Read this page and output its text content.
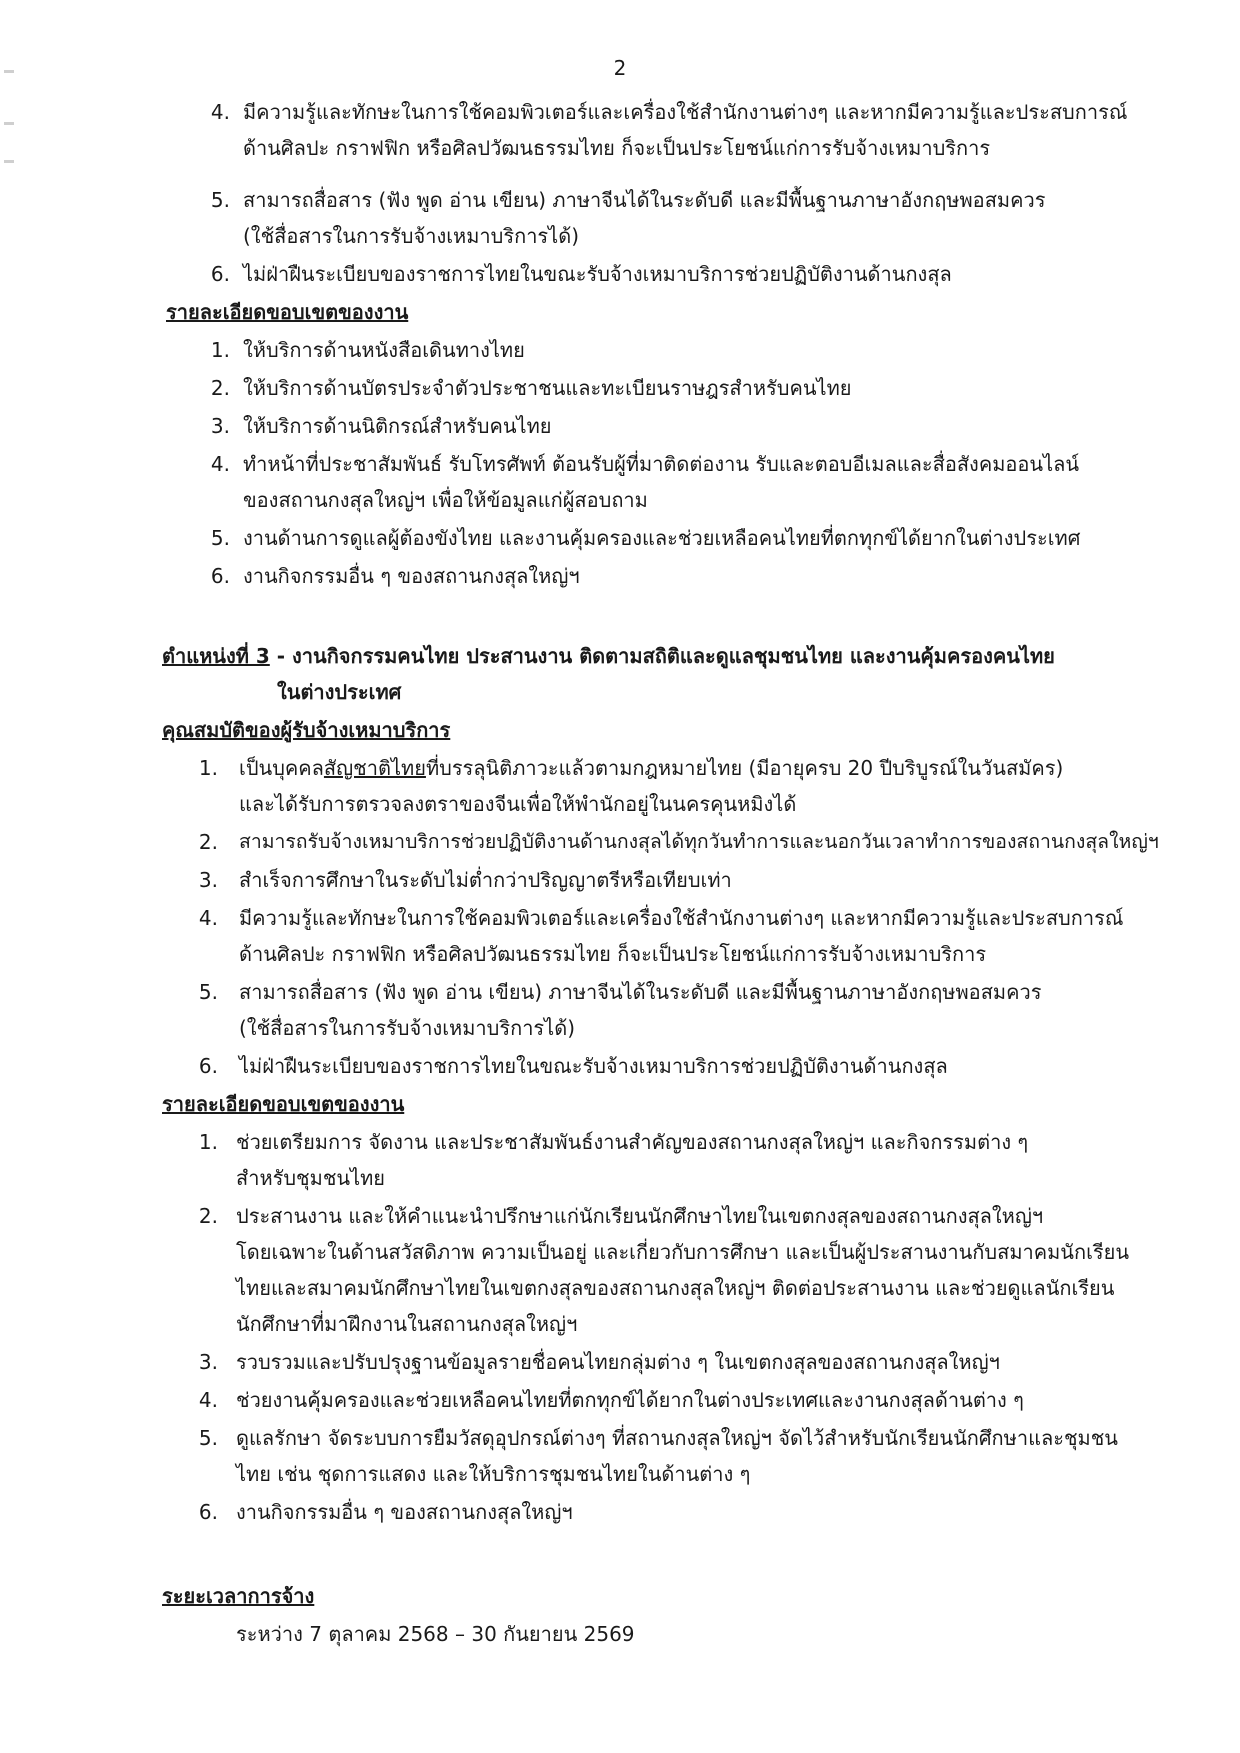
2
4. มีความรู้และทักษะในการใช้คอมพิวเตอร์และเครื่องใช้สำนักงานต่างๆ และหากมีความรู้และประสบการณ์
ด้านศิลปะ กราฟฟิก หรือศิลปวัฒนธรรมไทย ก็จะเป็นประโยชน์แก่การรับจ้างเหมาบริการ
5. สามารถสื่อสาร (ฟัง พูด อ่าน เขียน) ภาษาจีนได้ในระดับดี และมีพื้นฐานภาษาอังกฤษพอสมควร
(ใช้สื่อสารในการรับจ้างเหมาบริการได้)
6. ไม่ฝ่าฝืนระเบียบของราชการไทยในขณะรับจ้างเหมาบริการช่วยปฏิบัติงานด้านกงสุล
รายละเอียดขอบเขตของงาน
1. ให้บริการด้านหนังสือเดินทางไทย
2. ให้บริการด้านบัตรประจำตัวประชาชนและทะเบียนราษฎรสำหรับคนไทย
3. ให้บริการด้านนิติกรณ์สำหรับคนไทย
4. ทำหน้าที่ประชาสัมพันธ์ รับโทรศัพท์ ต้อนรับผู้ที่มาติดต่องาน รับและตอบอีเมลและสื่อสังคมออนไลน์
ของสถานกงสุลใหญ่ฯ เพื่อให้ข้อมูลแก่ผู้สอบถาม
5. งานด้านการดูแลผู้ต้องขังไทย และงานคุ้มครองและช่วยเหลือคนไทยที่ตกทุกข์ได้ยากในต่างประเทศ
6. งานกิจกรรมอื่น ๆ ของสถานกงสุลใหญ่ฯ
ตำแหน่งที่ 3 - งานกิจกรรมคนไทย ประสานงาน ติดตามสถิติและดูแลชุมชนไทย และงานคุ้มครองคนไทย
ในต่างประเทศ
คุณสมบัติของผู้รับจ้างเหมาบริการ
1. เป็นบุคคลสัญชาติไทยที่บรรลุนิติภาวะแล้วตามกฎหมายไทย (มีอายุครบ 20 ปีบริบูรณ์ในวันสมัคร)
และได้รับการตรวจลงตราของจีนเพื่อให้พำนักอยู่ในนครคุนหมิงได้
2. สามารถรับจ้างเหมาบริการช่วยปฏิบัติงานด้านกงสุลได้ทุกวันทำการและนอกวันเวลาทำการของสถานกงสุลใหญ่ฯ
3. สำเร็จการศึกษาในระดับไม่ต่ำกว่าปริญญาตรีหรือเทียบเท่า
4. มีความรู้และทักษะในการใช้คอมพิวเตอร์และเครื่องใช้สำนักงานต่างๆ และหากมีความรู้และประสบการณ์
ด้านศิลปะ กราฟฟิก หรือศิลปวัฒนธรรมไทย ก็จะเป็นประโยชน์แก่การรับจ้างเหมาบริการ
5. สามารถสื่อสาร (ฟัง พูด อ่าน เขียน) ภาษาจีนได้ในระดับดี และมีพื้นฐานภาษาอังกฤษพอสมควร
(ใช้สื่อสารในการรับจ้างเหมาบริการได้)
6. ไม่ฝ่าฝืนระเบียบของราชการไทยในขณะรับจ้างเหมาบริการช่วยปฏิบัติงานด้านกงสุล
รายละเอียดขอบเขตของงาน
1. ช่วยเตรียมการ จัดงาน และประชาสัมพันธ์งานสำคัญของสถานกงสุลใหญ่ฯ และกิจกรรมต่าง ๆ
สำหรับชุมชนไทย
2. ประสานงาน และให้คำแนะนำปรึกษาแก่นักเรียนนักศึกษาไทยในเขตกงสุลของสถานกงสุลใหญ่ฯ
โดยเฉพาะในด้านสวัสดิภาพ ความเป็นอยู่ และเกี่ยวกับการศึกษา และเป็นผู้ประสานงานกับสมาคมนักเรียน
ไทยและสมาคมนักศึกษาไทยในเขตกงสุลของสถานกงสุลใหญ่ฯ ติดต่อประสานงาน และช่วยดูแลนักเรียน
นักศึกษาที่มาฝึกงานในสถานกงสุลใหญ่ฯ
3. รวบรวมและปรับปรุงฐานข้อมูลรายชื่อคนไทยกลุ่มต่าง ๆ ในเขตกงสุลของสถานกงสุลใหญ่ฯ
4. ช่วยงานคุ้มครองและช่วยเหลือคนไทยที่ตกทุกข์ได้ยากในต่างประเทศและงานกงสุลด้านต่าง ๆ
5. ดูแลรักษา จัดระบบการยืมวัสดุอุปกรณ์ต่างๆ ที่สถานกงสุลใหญ่ฯ จัดไว้สำหรับนักเรียนนักศึกษาและชุมชน
ไทย เช่น ชุดการแสดง และให้บริการชุมชนไทยในด้านต่าง ๆ
6. งานกิจกรรมอื่น ๆ ของสถานกงสุลใหญ่ฯ
ระยะเวลาการจ้าง
ระหว่าง 7 ตุลาคม 2568 – 30 กันยายน 2569
